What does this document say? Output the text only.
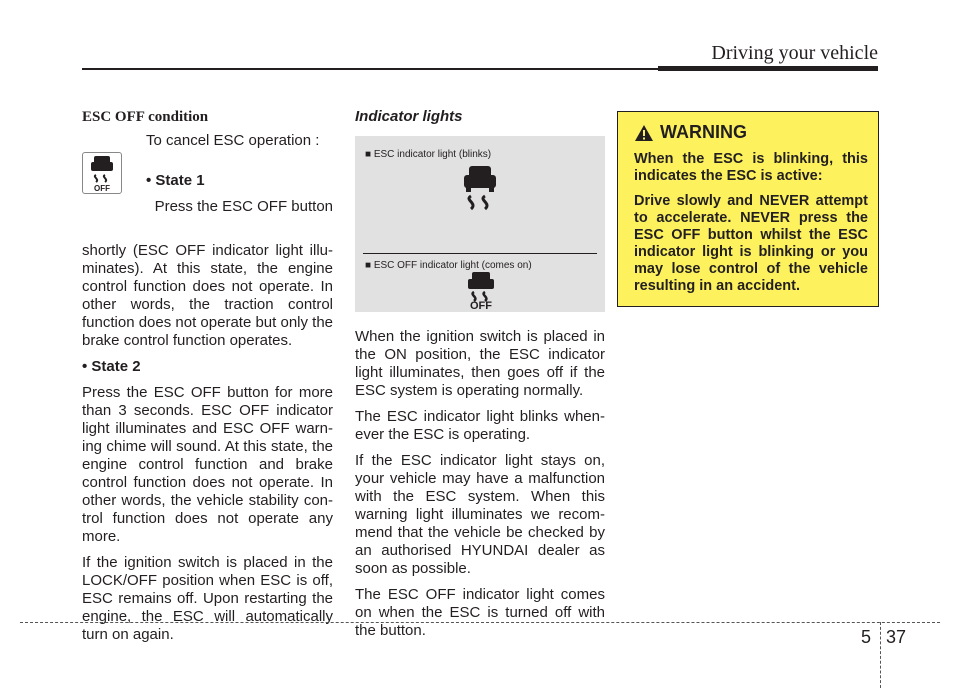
Driving your vehicle
ESC OFF condition
OFF

To cancel ESC operation :

• State 1

Press the ESC OFF button

shortly (ESC OFF indicator light illu- minates). At this state, the engine control function does not operate. In other words, the traction control function does not operate but only the brake control function operates.

• State 2

Press the ESC OFF button for more than 3 seconds. ESC OFF indicator light illuminates and ESC OFF warn- ing chime will sound. At this state, the engine control function and brake control function does not operate. In other words, the vehicle stability con- trol function does not operate any more.

If the ignition switch is placed in the LOCK/OFF position when ESC is off, ESC remains off. Upon restarting the engine, the ESC will automatically turn on again.

Indicator lights
■ ESC indicator light (blinks)
■ ESC OFF indicator light (comes on)
OFF

When the ignition switch is placed in the ON position, the ESC indicator light illuminates, then goes off if the ESC system is operating normally.

The ESC indicator light blinks when- ever the ESC is operating.

If the ESC indicator light stays on, your vehicle may have a malfunction with the ESC system. When this warning light illuminates we recom- mend that the vehicle be checked by an authorised HYUNDAI dealer as soon as possible.

The ESC OFF indicator light comes on when the ESC is turned off with the button.

WARNING

When the ESC is blinking, this indicates the ESC is active:

Drive slowly and NEVER attempt to accelerate. NEVER press the ESC OFF button whilst the ESC indicator light is blinking or you may lose control of the vehicle resulting in an accident.

5 37
